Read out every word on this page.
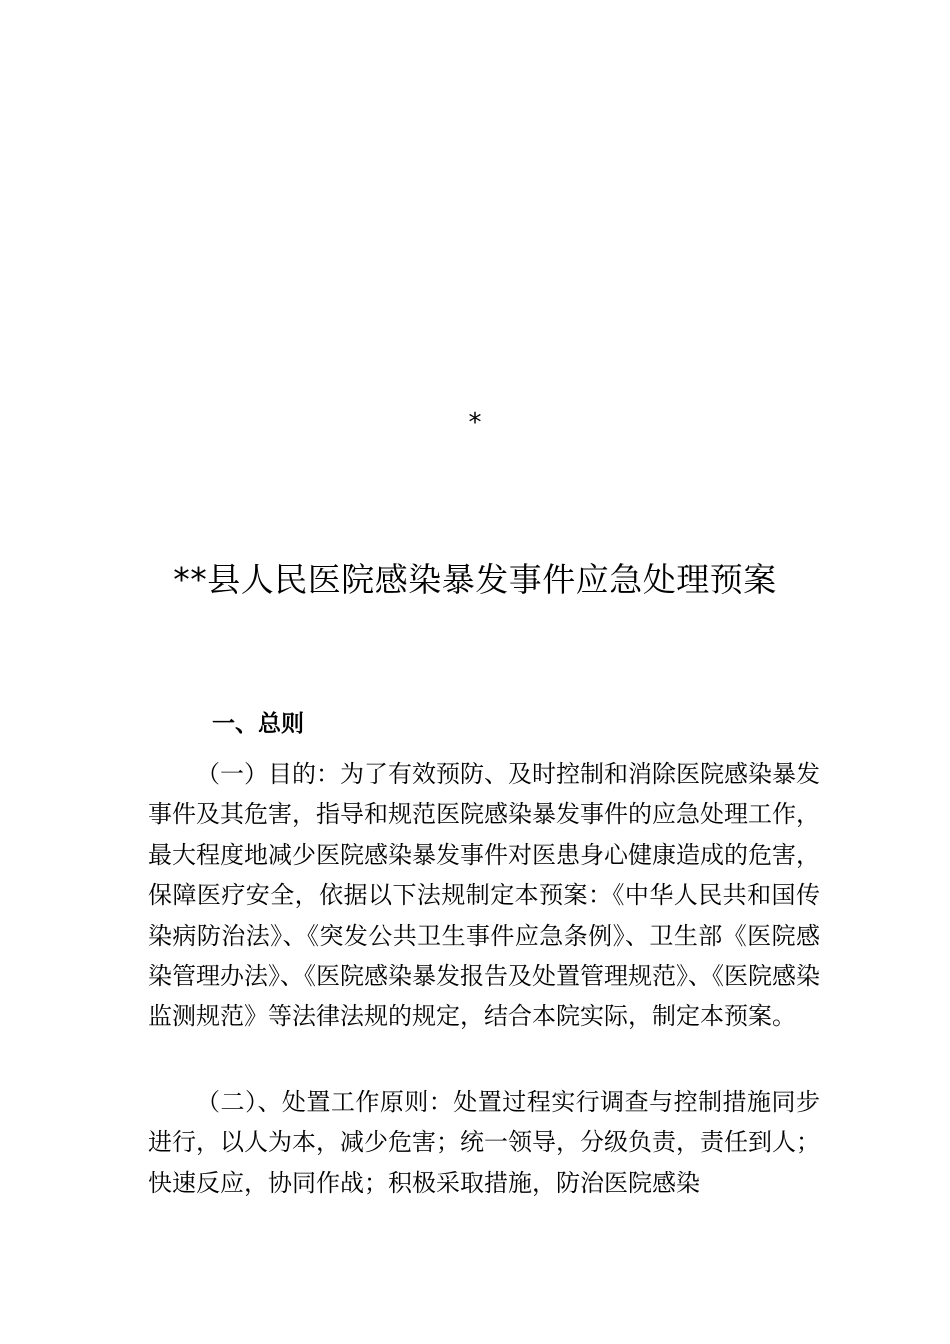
*
**县人民医院感染暴发事件应急处理预案
一、总则

（一）目的：为了有效预防、及时控制和消除医院感染暴发事件及其危害，指导和规范医院感染暴发事件的应急处理工作，最大程度地减少医院感染暴发事件对医患身心健康造成的危害，保障医疗安全，依据以下法规制定本预案：《中华人民共和国传染病防治法》、《突发公共卫生事件应急条例》、卫生部《医院感染管理办法》、《医院感染暴发报告及处置管理规范》、《医院感染监测规范》等法律法规的规定，结合本院实际，制定本预案。

（二）、处置工作原则：处置过程实行调查与控制措施同步进行，以人为本，减少危害；统一领导，分级负责，责任到人；快速反应，协同作战；积极采取措施，防治医院感染
